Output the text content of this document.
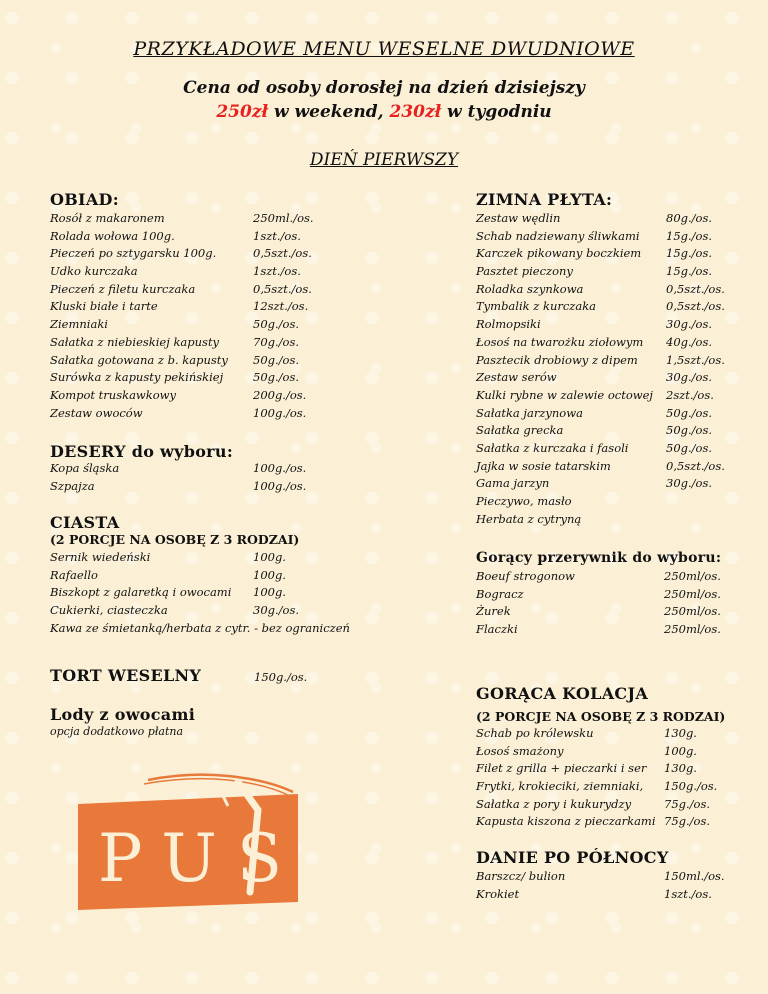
PRZYKŁADOWE MENU WESELNE DWUDNIOWE
Cena od osoby dorosłej na dzień dzisiejszy
250zł w weekend, 230zł w tygodniu
DIEŃ PIERWSZY
OBIAD:
Rosół z makaronem	250ml./os.
Rolada wołowa 100g.	1szt./os.
Pieczeń po sztygarsku 100g.	0,5szt./os.
Udko kurczaka	1szt./os.
Pieczeń z filetu kurczaka	0,5szt./os.
Kluski białe i tarte	12szt./os.
Ziemniaki	50g./os.
Sałatka z niebieskiej kapusty	70g./os.
Sałatka gotowana z b. kapusty 50g./os.
Surówka z kapusty pekińskiej	50g./os.
Kompot truskawkowy	200g./os.
Zestaw owoców	100g./os.
DESERY do wyboru:
Kopa śląska	100g./os.
Szpajza	100g./os.
CIASTA
(2 PORCJE NA OSOBĘ Z 3 RODZAI)
Sernik wiedeński	100g.
Rafaello	100g.
Biszkopt z galaretką i owocami 100g.
Cukierki, ciasteczka	30g./os.
Kawa ze śmietanką/herbata z cytr. - bez ograniczeń
TORT WESELNY	150g./os.
Lody z owocami
opcja dodatkowo płatna
PUS
ZIMNA PŁYTA:
Zestaw wędlin	80g./os.
Schab nadziewany śliwkami 15g./os.
Karczek pikowany boczkiem 15g./os.
Pasztet pieczony	15g./os.
Roladka szynkowa	0,5szt./os.
Tymbalik z kurczaka	0,5szt./os.
Rolmopsiki	30g./os.
Łosoś na twarożku ziołowym 40g./os.
Pasztecik drobiowy z dipem 1,5szt./os.
Zestaw serów	30g./os.
Kulki rybne w zalewie octowej 2szt./os.
Sałatka jarzynowa	50g./os.
Sałatka grecka	50g./os.
Sałatka z kurczaka i fasoli	50g./os.
Jajka w sosie tatarskim	0,5szt./os.
Gama jarzyn	30g./os.
Pieczywo, masło
Herbata z cytryną
Gorący przerywnik do wyboru:
Boeuf strogonow	250ml/os.
Bogracz	250ml/os.
Żurek	250ml/os.
Flaczki	250ml/os.
GORĄCA KOLACJA
(2 PORCJE NA OSOBĘ Z 3 RODZAI)
Schab po królewsku	130g.
Łosoś smażony	100g.
Filet z grilla + pieczarki i ser 130g.
Frytki, krokieciki, ziemniaki, 150g./os.
Sałatka z pory i kukurydzy	75g./os.
Kapusta kiszona z pieczarkami 75g./os.
DANIE PO PÓŁNOCY
Barszcz/ bulion	150ml./os.
Krokiet	1szt./os.
